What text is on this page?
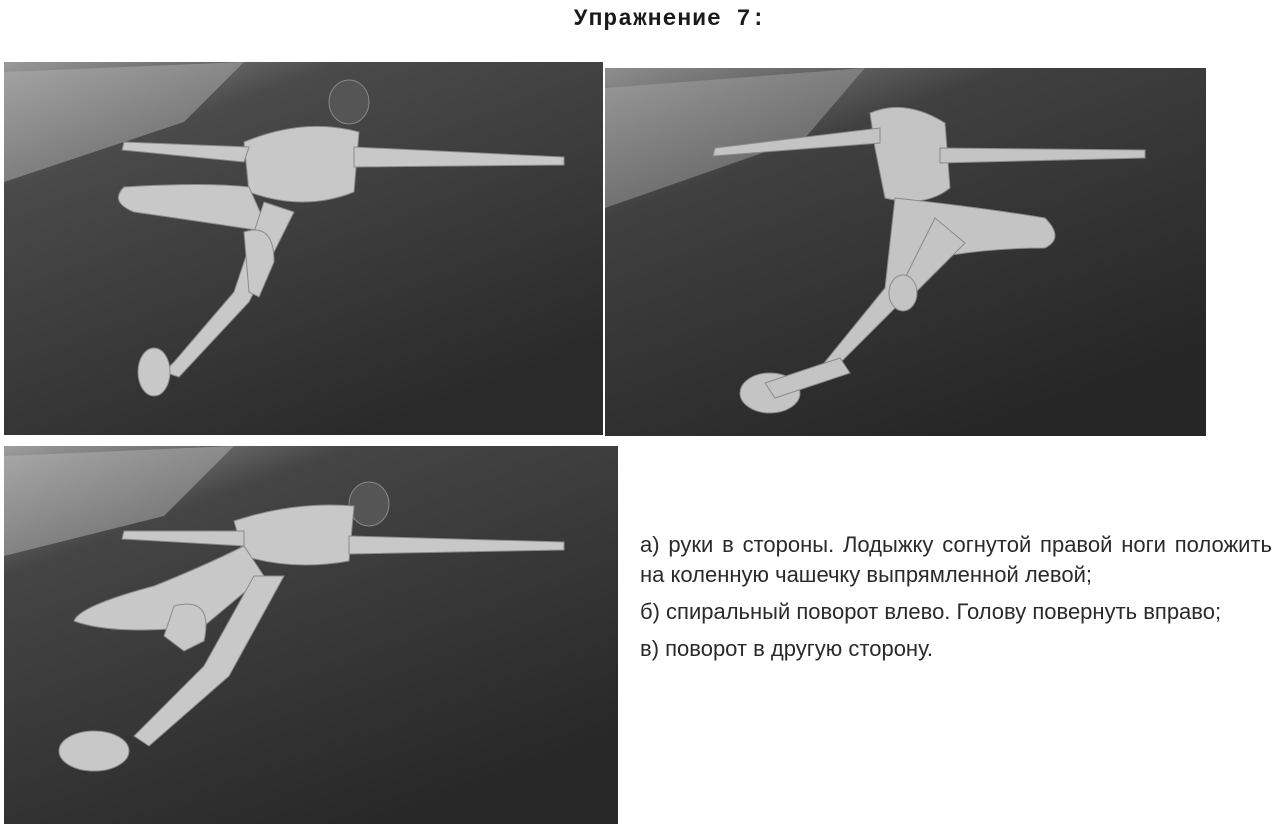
Упражнение 7:

а) руки в стороны. Лодыжку согнутой правой ноги положить на коленную чашечку выпрямленной левой;

б) спиральный поворот влево. Голову повернуть вправо;

в) поворот в другую сторону.
